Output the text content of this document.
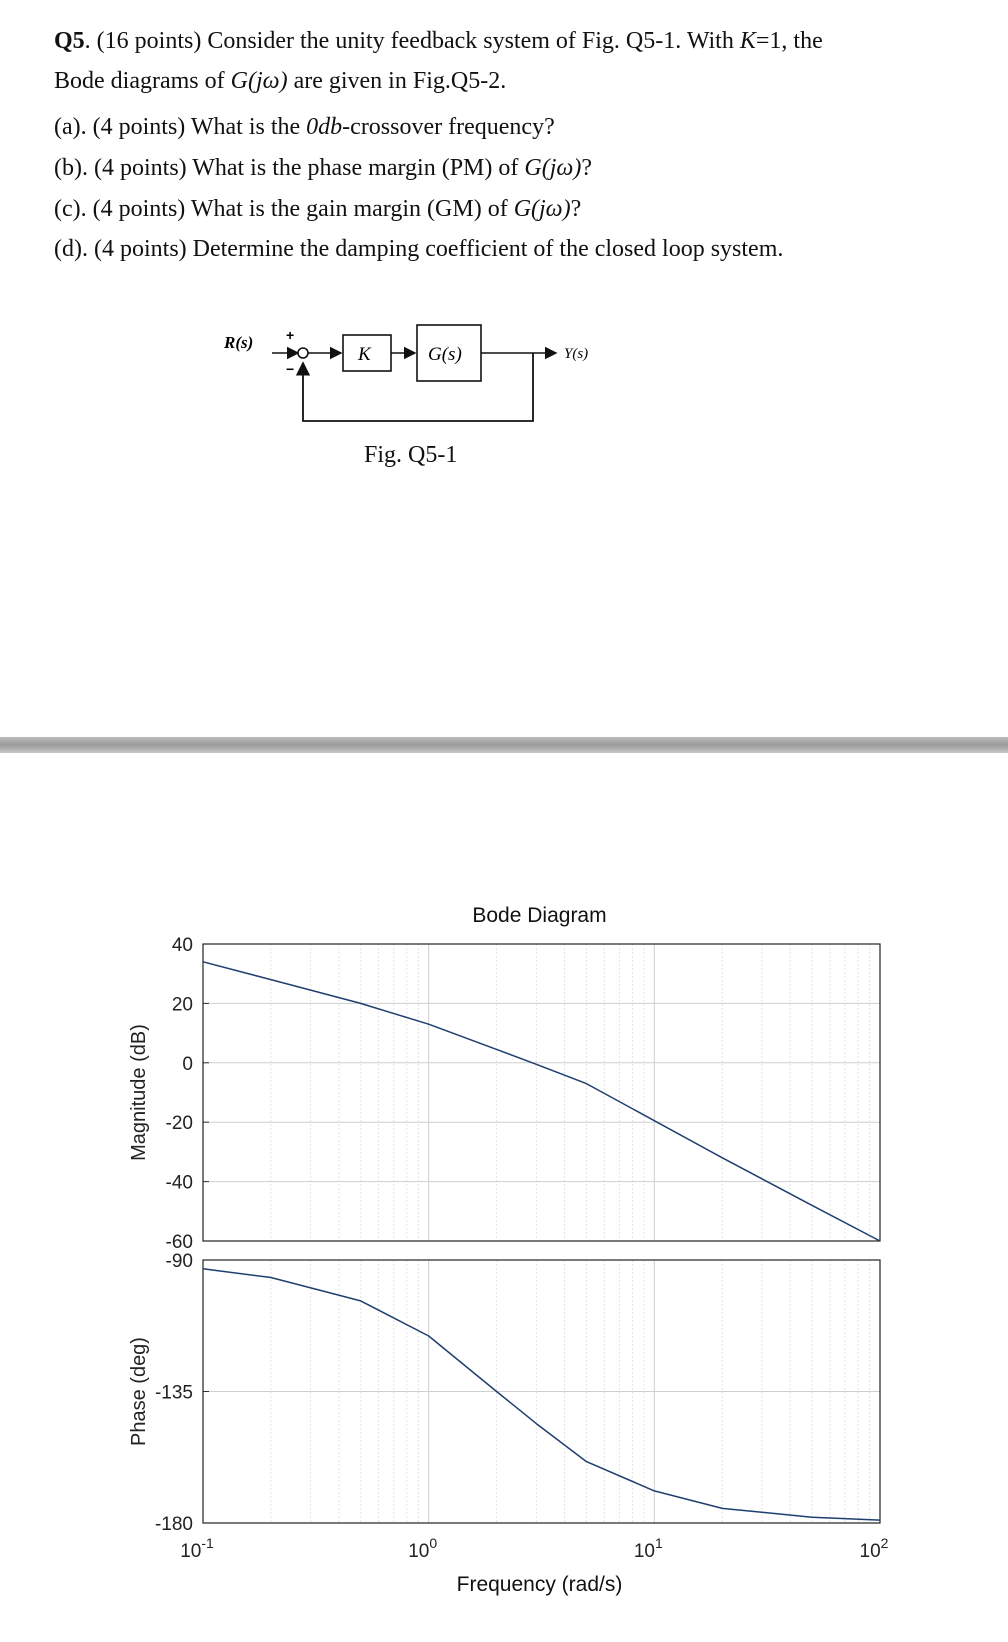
Q5. (16 points) Consider the unity feedback system of Fig. Q5-1. With K=1, the
Bode diagrams of G(jω) are given in Fig.Q5-2.
(a). (4 points) What is the 0db-crossover frequency?
(b). (4 points) What is the phase margin (PM) of G(jω)?
(c). (4 points) What is the gain margin (GM) of G(jω)?
(d). (4 points) Determine the damping coefficient of the closed loop system.
R(s) +
−
K	G(s)	Y(s)
Fig. Q5-1
40
20
0
-20
-40
-60
Magnitude (dB)
-90
-135
-180
Phase (deg)
Bode Diagram
$10^{-1}$	$10^0$	$10^1$	$10^2$
Frequency (rad/s)
